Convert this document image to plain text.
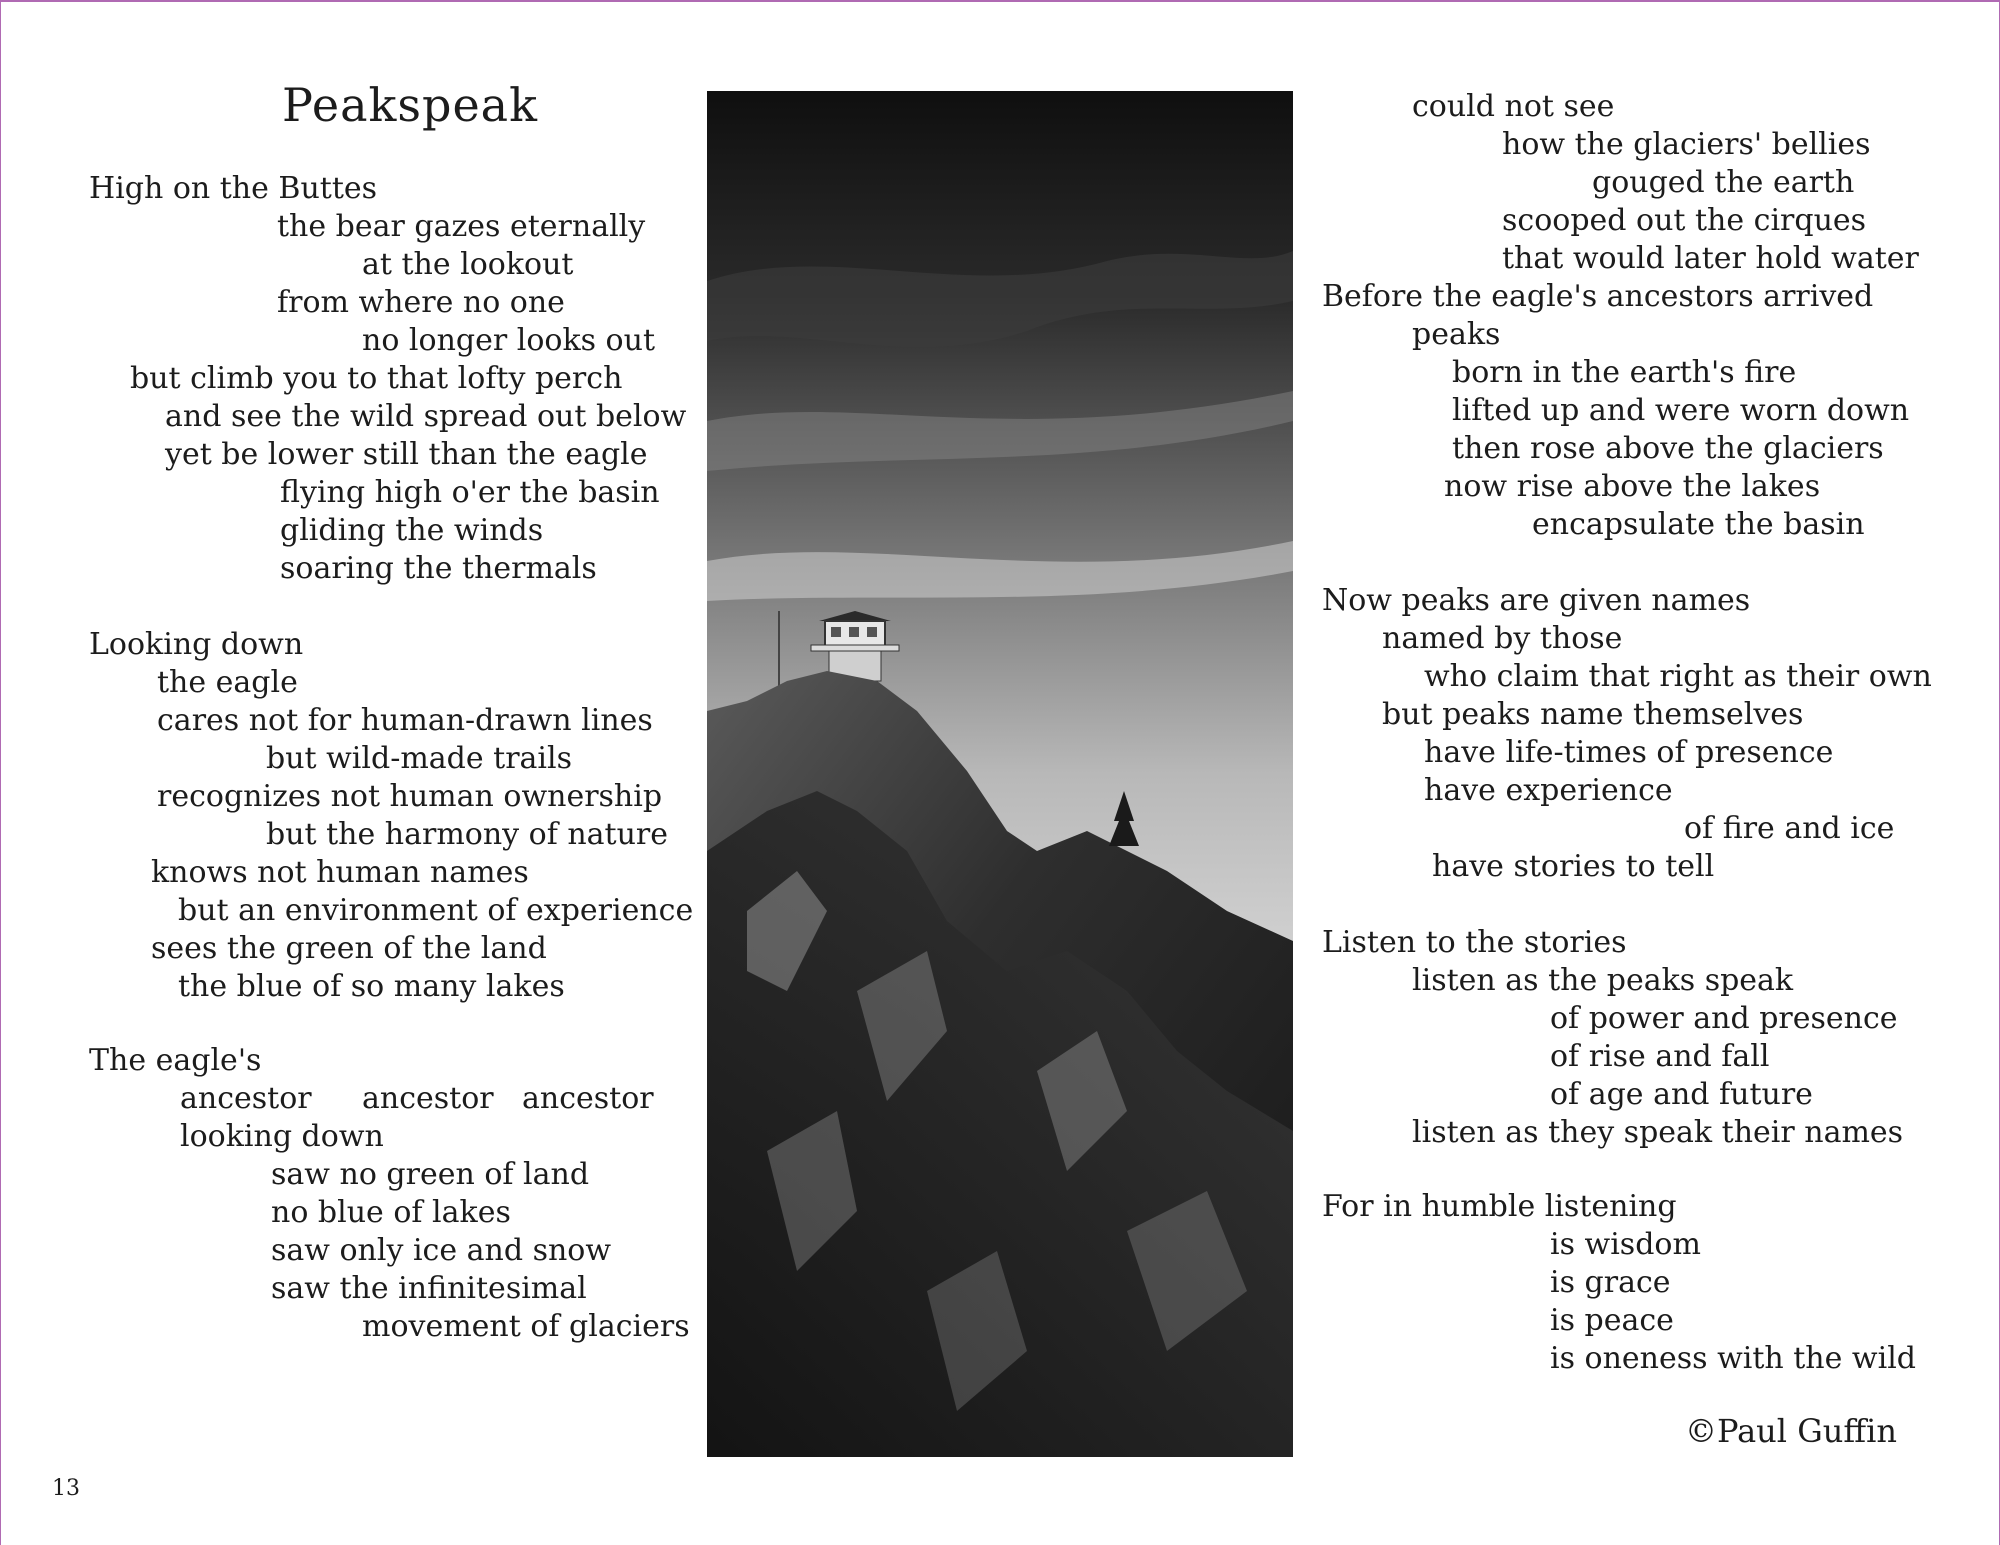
Peakspeak
High on the Buttes
the bear gazes eternally
at the lookout
from where no one
no longer looks out
but climb you to that lofty perch
and see the wild spread out below
yet be lower still than the eagle
flying high o'er the basin
gliding the winds
soaring the thermals
Looking down
the eagle
cares not for human-drawn lines
but wild-made trails
recognizes not human ownership
but the harmony of nature
knows not human names
but an environment of experience
sees the green of the land
the blue of so many lakes
The eagle's
ancestor ancestor ancestor
looking down
saw no green of land
no blue of lakes
saw only ice and snow
saw the infinitesimal
movement of glaciers
could not see
how the glaciers' bellies
gouged the earth
scooped out the cirques
that would later hold water
Before the eagle's ancestors arrived
peaks
born in the earth's fire
lifted up and were worn down
then rose above the glaciers
now rise above the lakes
encapsulate the basin
Now peaks are given names
named by those
who claim that right as their own
but peaks name themselves
have life-times of presence
have experience
of fire and ice
have stories to tell
Listen to the stories
listen as the peaks speak
of power and presence
of rise and fall
of age and future
listen as they speak their names
For in humble listening
is wisdom
is grace
is peace
is oneness with the wild
©Paul Guffin
13
